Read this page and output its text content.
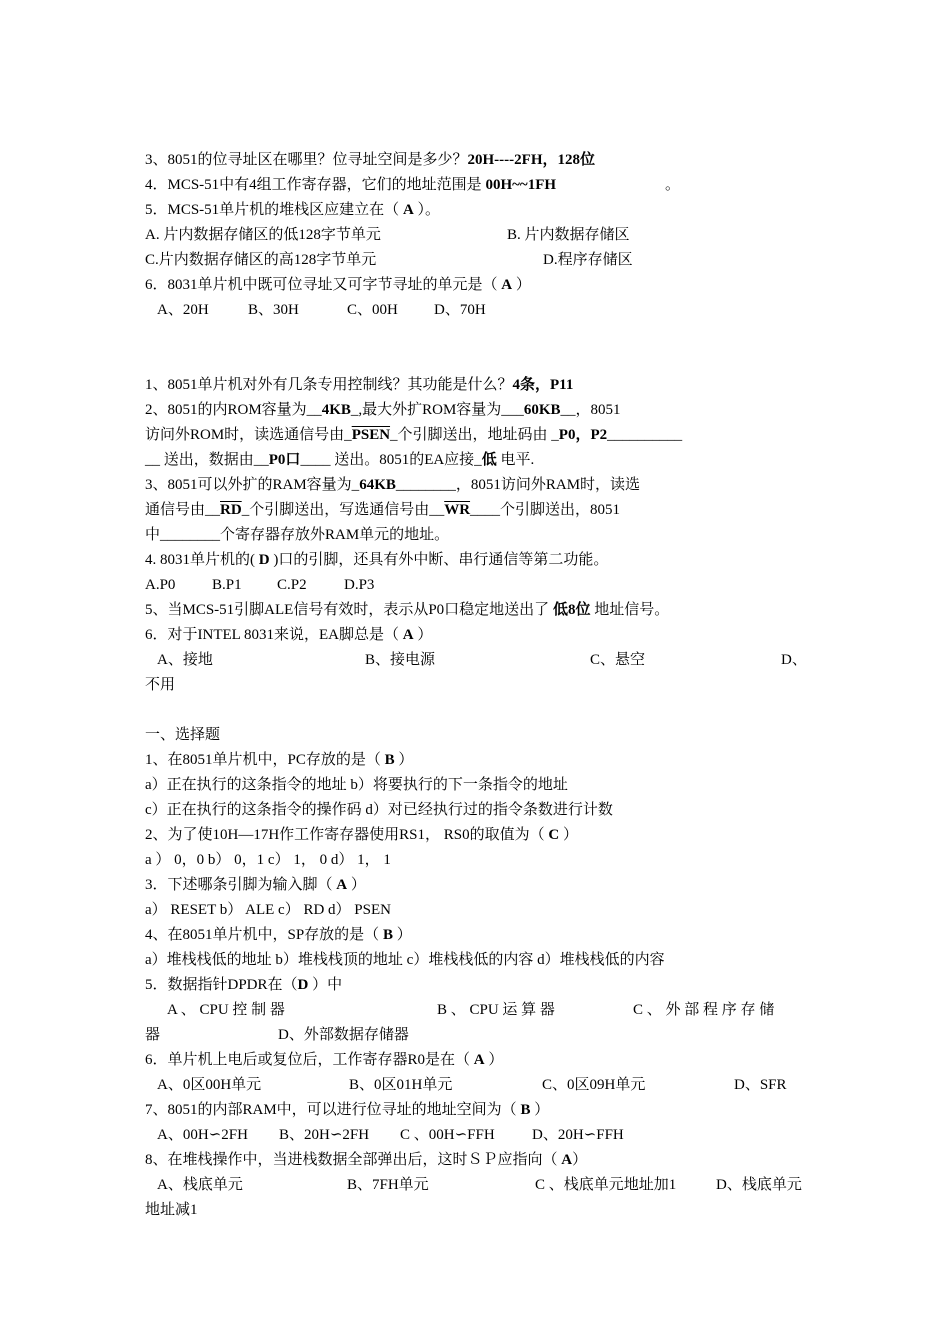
3、8051的位寻址区在哪里？位寻址空间是多少？20H----2FH，128位
4．MCS-51中有4组工作寄存器，它们的地址范围是 00H~~1FH	。
5．MCS-51单片机的堆栈区应建立在（ A ）。
A. 片内数据存储区的低128字节单元	B. 片内数据存储区
C.片内数据存储区的高128字节单元	D.程序存储区
6．8031单片机中既可位寻址又可字节寻址的单元是（ A ）
A、20H	B、30H	C、00H D、70H
1、8051单片机对外有几条专用控制线？其功能是什么？4条，P11
2、8051的内ROM容量为__4KB_,最大外扩ROM容量为___60KB__，8051
访问外ROM时，读选通信号由_PSEN_个引脚送出，地址码由 _P0，P2__________
__ 送出，数据由__P0口____ 送出。8051的EA应接_低 电平.
3、8051可以外扩的RAM容量为_64KB________，8051访问外RAM时，读选
通信号由$\_\_\overline{RD}\_$个引脚送出，写选通信号由$\_\_\overline{WR}\_\_\_\_$个引脚送出，8051
中________个寄存器存放外RAM单元的地址。
4. 8031单片机的( D )口的引脚，还具有外中断、串行通信等第二功能。
A.P0 B.P1 C.P2 D.P3
5、当MCS-51引脚ALE信号有效时，表示从P0口稳定地送出了 低8位 地址信号。
6．对于INTEL 8031来说，EA脚总是（ A ）
A、接地	B、接电源	C、悬空	D、
不用
一、选择题
1、在8051单片机中，PC存放的是（ B ）
a）正在执行的这条指令的地址 b）将要执行的下一条指令的地址
c）正在执行的这条指令的操作码 d）对已经执行过的指令条数进行计数
2、为了使10H—17H作工作寄存器使用RS1， RS0的取值为（ C ）
a ） 0，0 b） 0，1 c） 1， 0 d） 1， 1
3．下述哪条引脚为输入脚（ A ）
a） RESET b） ALE c） RD d） PSEN
4、在8051单片机中，SP存放的是（ B ）
a）堆栈栈低的地址 b）堆栈栈顶的地址 c）堆栈栈低的内容 d）堆栈栈低的内容
5．数据指针DPDR在（D ）中
A 、 CPU 控 制 器	B 、 CPU 运 算 器	C 、 外 部 程 序 存 储
器	D、外部数据存储器
6．单片机上电后或复位后，工作寄存器R0是在（ A ）
A、0区00H单元	B、0区01H单元	C、0区09H单元	D、SFR
7、8051的内部RAM中，可以进行位寻址的地址空间为（ B ）
A、00H∽2FH B、20H∽2FH C 、00H∽FFH D、20H∽FFH
8、在堆栈操作中，当进栈数据全部弹出后，这时ＳＰ应指向（ A）
A、栈底单元	B、7FH单元	C 、栈底单元地址加1	D、栈底单元
地址减1
